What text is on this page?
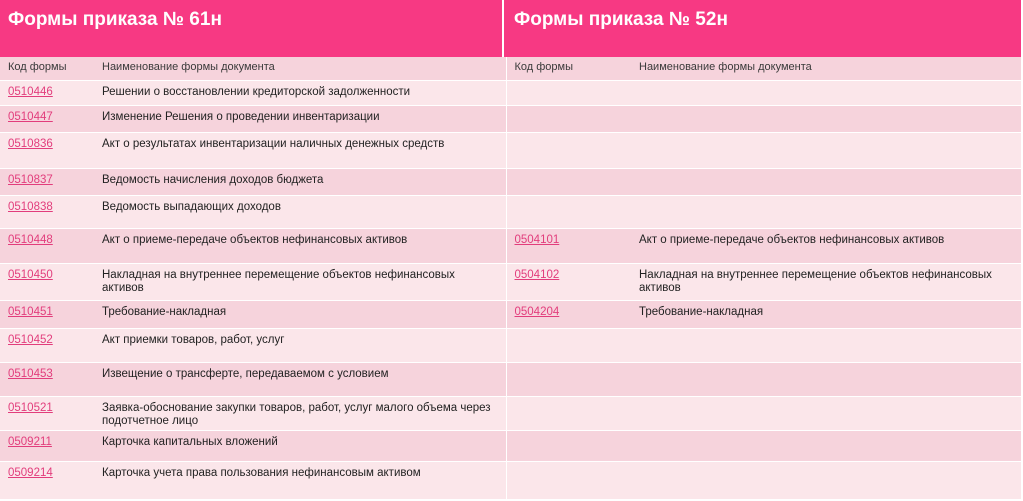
Формы приказа № 61н	Формы приказа № 52н
Код формы	Наименование формы документа	Код формы	Наименование формы документа
0510446	Решении о восстановлении кредиторской задолженности		
0510447	Изменение Решения о проведении инвентаризации		
0510836	Акт о результатах инвентаризации наличных денежных средств		
0510837	Ведомость начисления доходов бюджета		
0510838	Ведомость выпадающих доходов		
0510448	Акт о приеме-передаче объектов нефинансовых активов	0504101	Акт о приеме-передаче объектов нефинансовых активов
0510450	Накладная на внутреннее перемещение объектов нефинансовых активов	0504102	Накладная на внутреннее перемещение объектов нефинансовых активов
0510451	Требование-накладная	0504204	Требование-накладная
0510452	Акт приемки товаров, работ, услуг		
0510453	Извещение о трансферте, передаваемом с условием		
0510521	Заявка-обоснование закупки товаров, работ, услуг малого объема через подотчетное лицо		
0509211	Карточка капитальных вложений		
0509214	Карточка учета права пользования нефинансовым активом		
